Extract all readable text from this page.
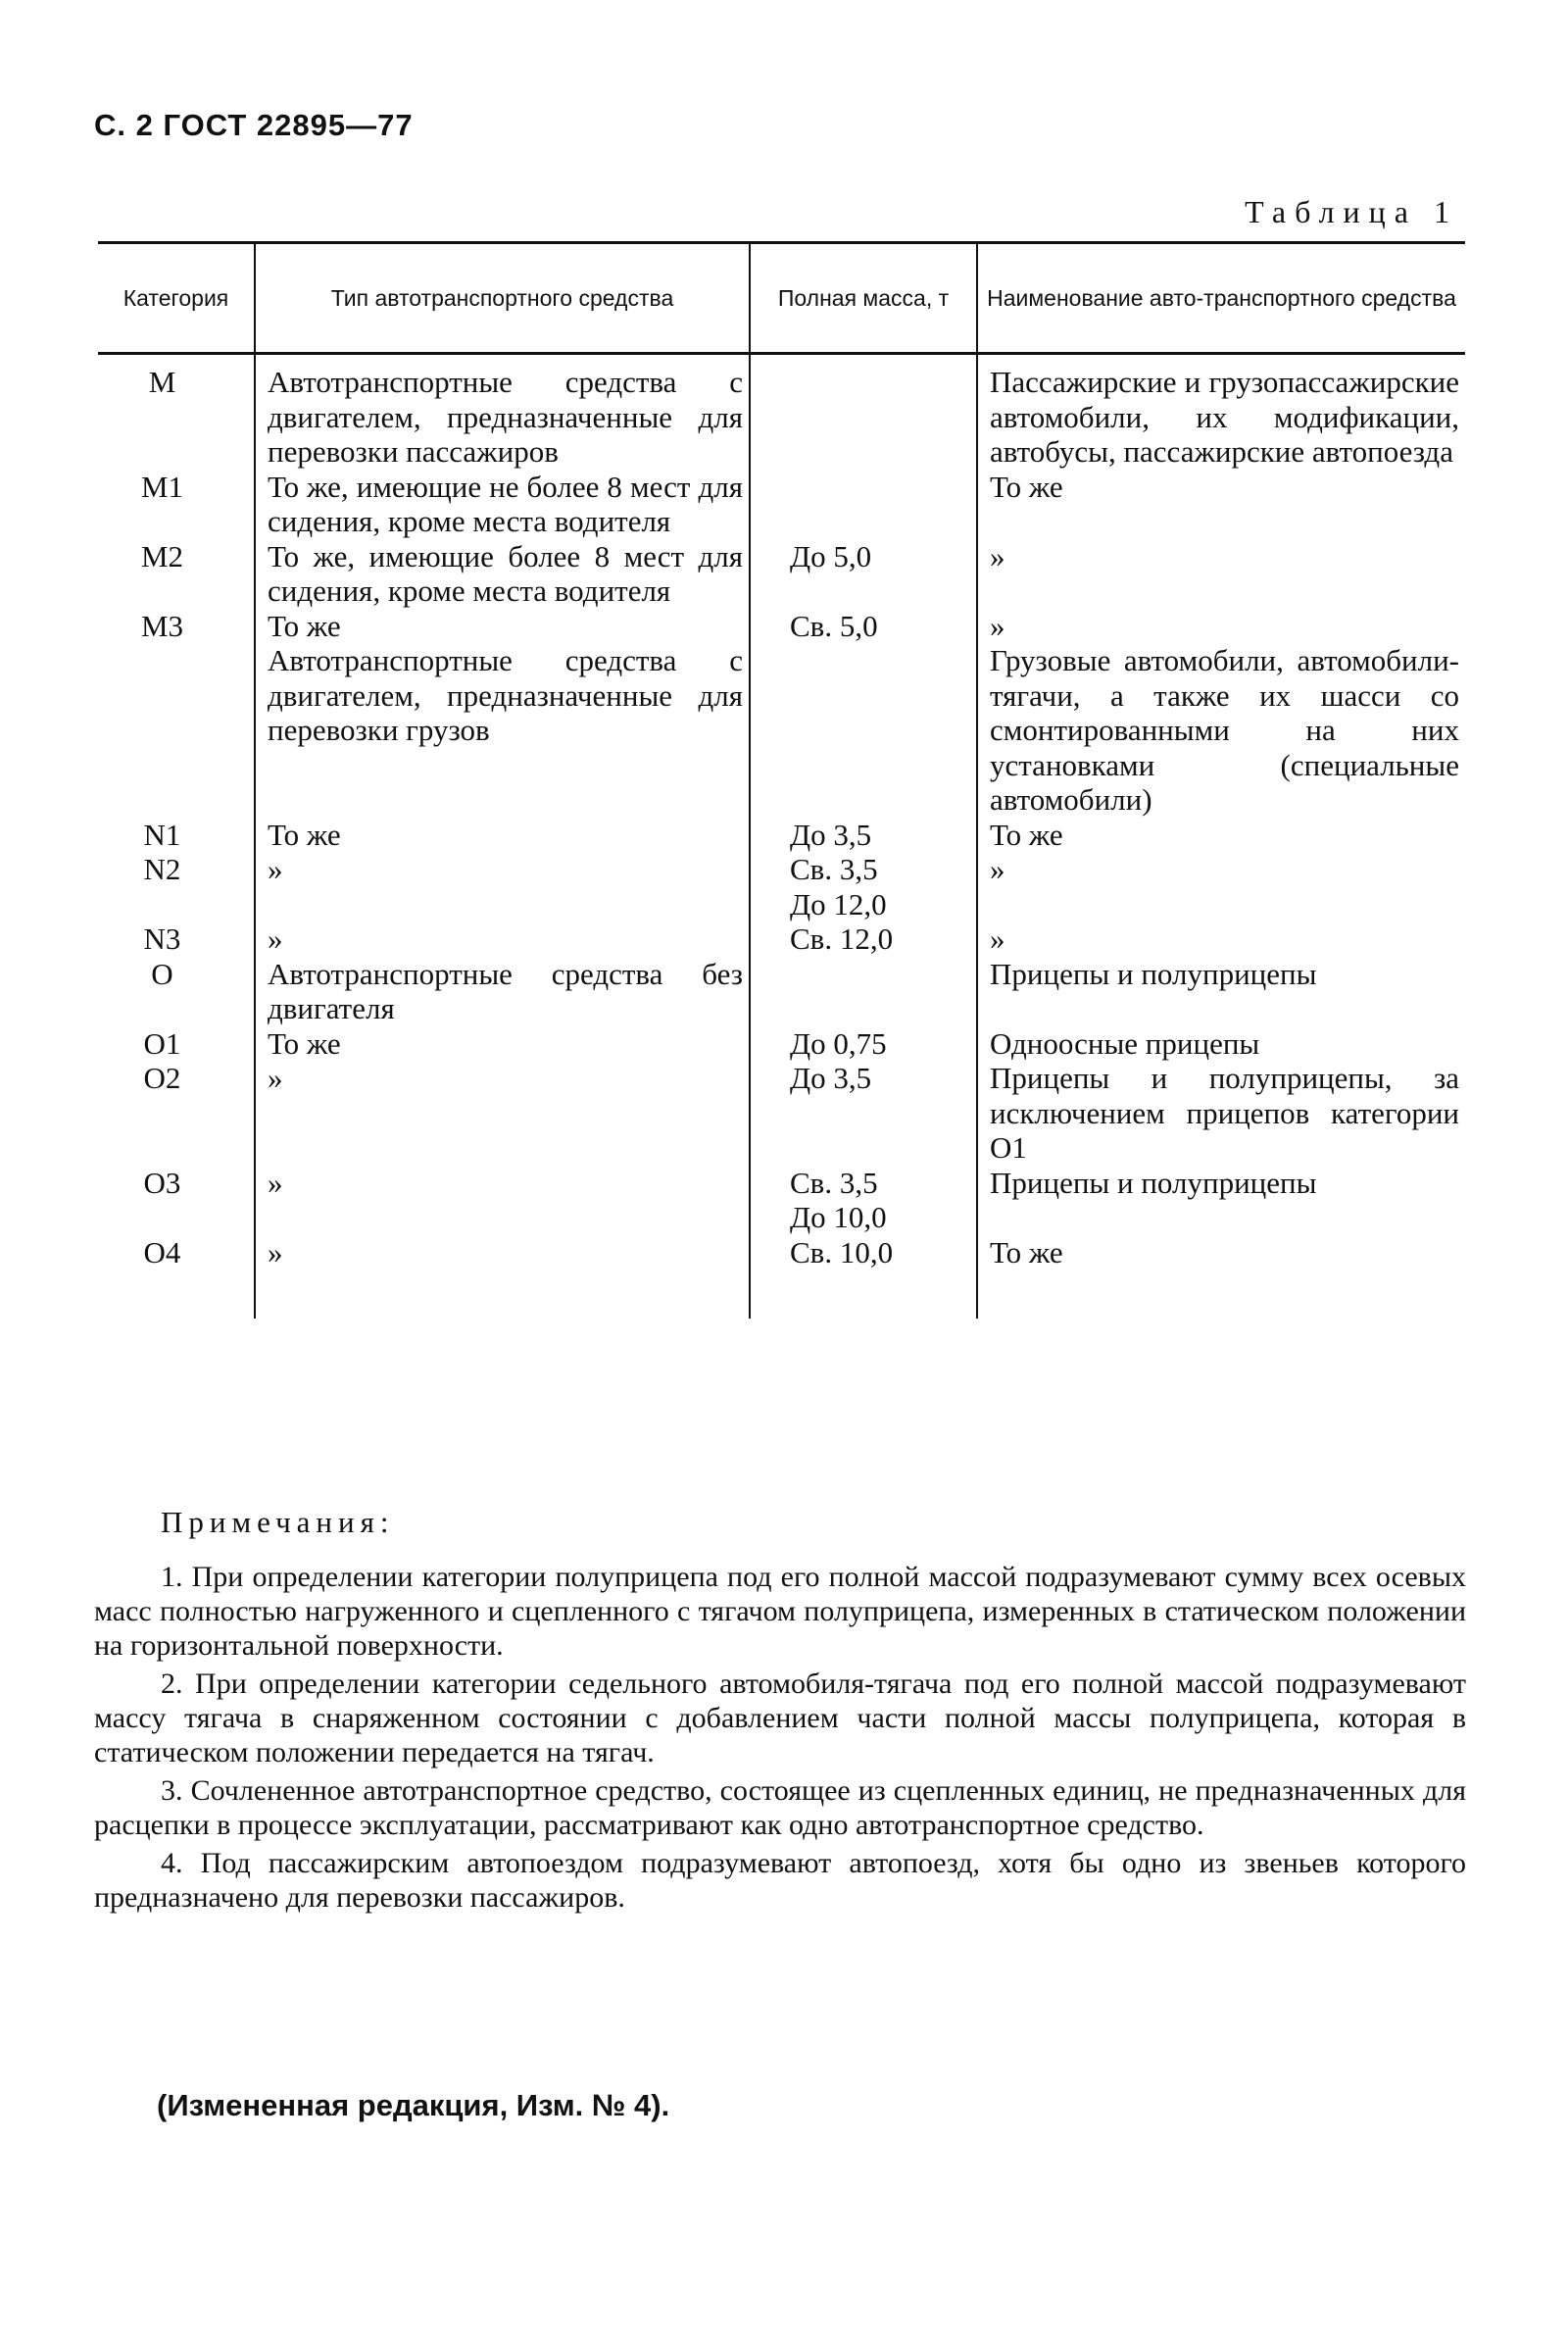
С. 2 ГОСТ 22895—77
Таблица 1
Категория	Тип автотранспортного средства	Полная масса, т	Наименование авто-транспортного средства
М	Автотранспортные средства с двигателем, предназначенные для перевозки пассажиров		Пассажирские и грузопассажирские автомобили, их модификации, автобусы, пассажирские автопоезда
М1	То же, имеющие не более 8 мест для сидения, кроме места водителя		То же
М2	То же, имеющие более 8 мест для сидения, кроме места водителя	До 5,0	»
М3	То же	Св. 5,0	»
	Автотранспортные средства с двигателем, предназначенные для перевозки грузов		Грузовые автомобили, автомобили-тягачи, а также их шасси со смонтированными на них установками (специальные автомобили)
N1	То же	До 3,5	То же
N2	»	Св. 3,5 До 12,0	»
N3	»	Св. 12,0	»
О	Автотранспортные средства без двигателя		Прицепы и полуприцепы
О1	То же	До 0,75	Одноосные прицепы
О2	»	До 3,5	Прицепы и полуприцепы, за исключением прицепов категории О1
О3	»	Св. 3,5 До 10,0	Прицепы и полуприцепы
О4	»	Св. 10,0	То же

Примечания:

1. При определении категории полуприцепа под его полной массой подразумевают сумму всех осевых масс полностью нагруженного и сцепленного с тягачом полуприцепа, измеренных в статическом положении на горизонтальной поверхности.

2. При определении категории седельного автомобиля-тягача под его полной массой подразумевают массу тягача в снаряженном состоянии с добавлением части полной массы полуприцепа, которая в статическом положении передается на тягач.

3. Сочлененное автотранспортное средство, состоящее из сцепленных единиц, не предназначенных для расцепки в процессе эксплуатации, рассматривают как одно автотранспортное средство.

4. Под пассажирским автопоездом подразумевают автопоезд, хотя бы одно из звеньев которого предназначено для перевозки пассажиров.

(Измененная редакция, Изм. № 4).
